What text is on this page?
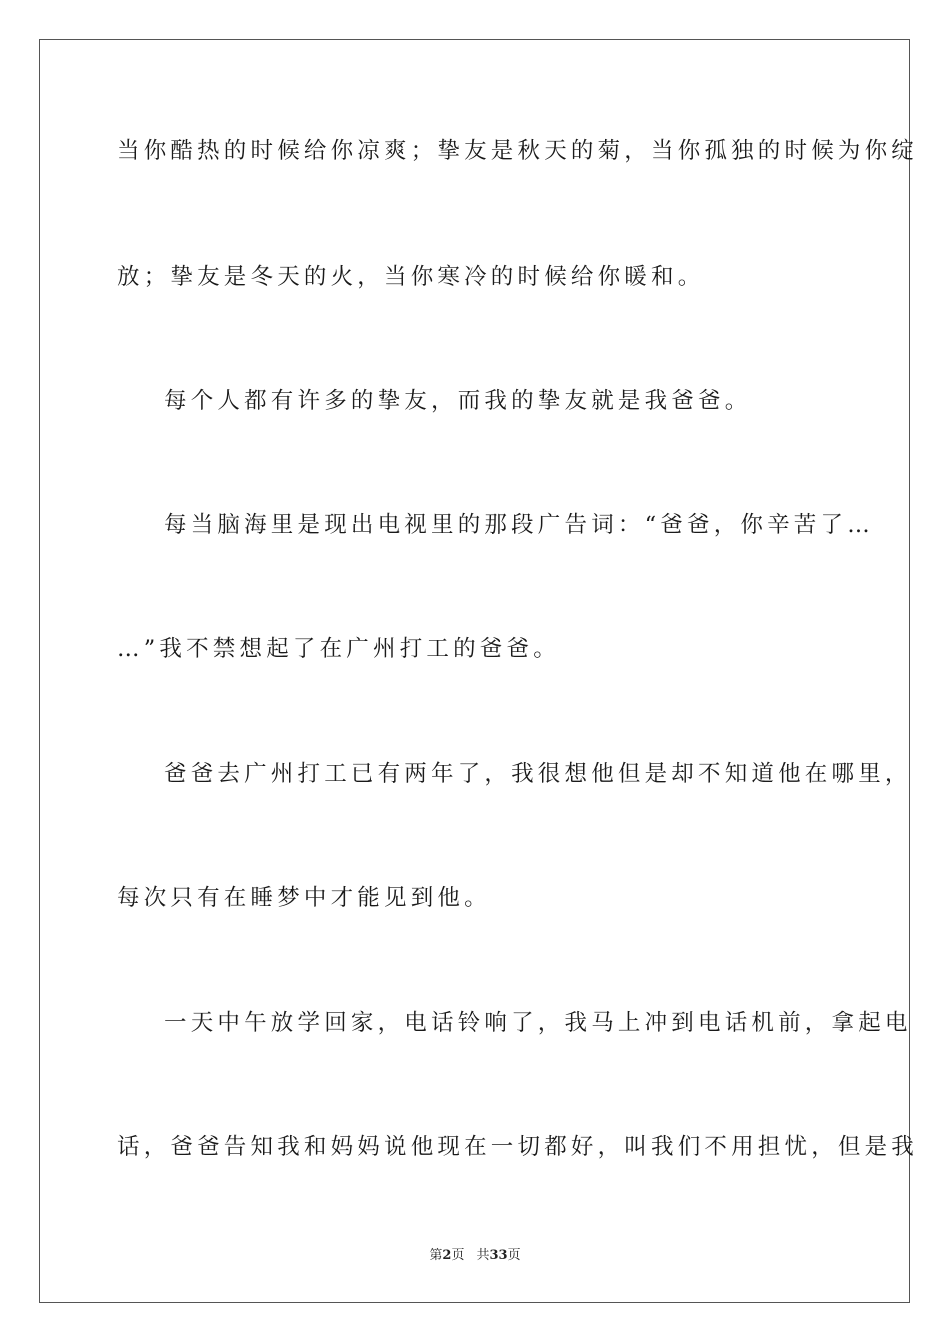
当你酷热的时候给你凉爽；挚友是秋天的菊，当你孤独的时候为你绽
放；挚友是冬天的火，当你寒冷的时候给你暖和。
每个人都有许多的挚友，而我的挚友就是我爸爸。
每当脑海里是现出电视里的那段广告词：“爸爸，你辛苦了…
…”我不禁想起了在广州打工的爸爸。
爸爸去广州打工已有两年了，我很想他但是却不知道他在哪里，
每次只有在睡梦中才能见到他。
一天中午放学回家，电话铃响了，我马上冲到电话机前，拿起电
话，爸爸告知我和妈妈说他现在一切都好，叫我们不用担忧，但是我
第2页 共33页
